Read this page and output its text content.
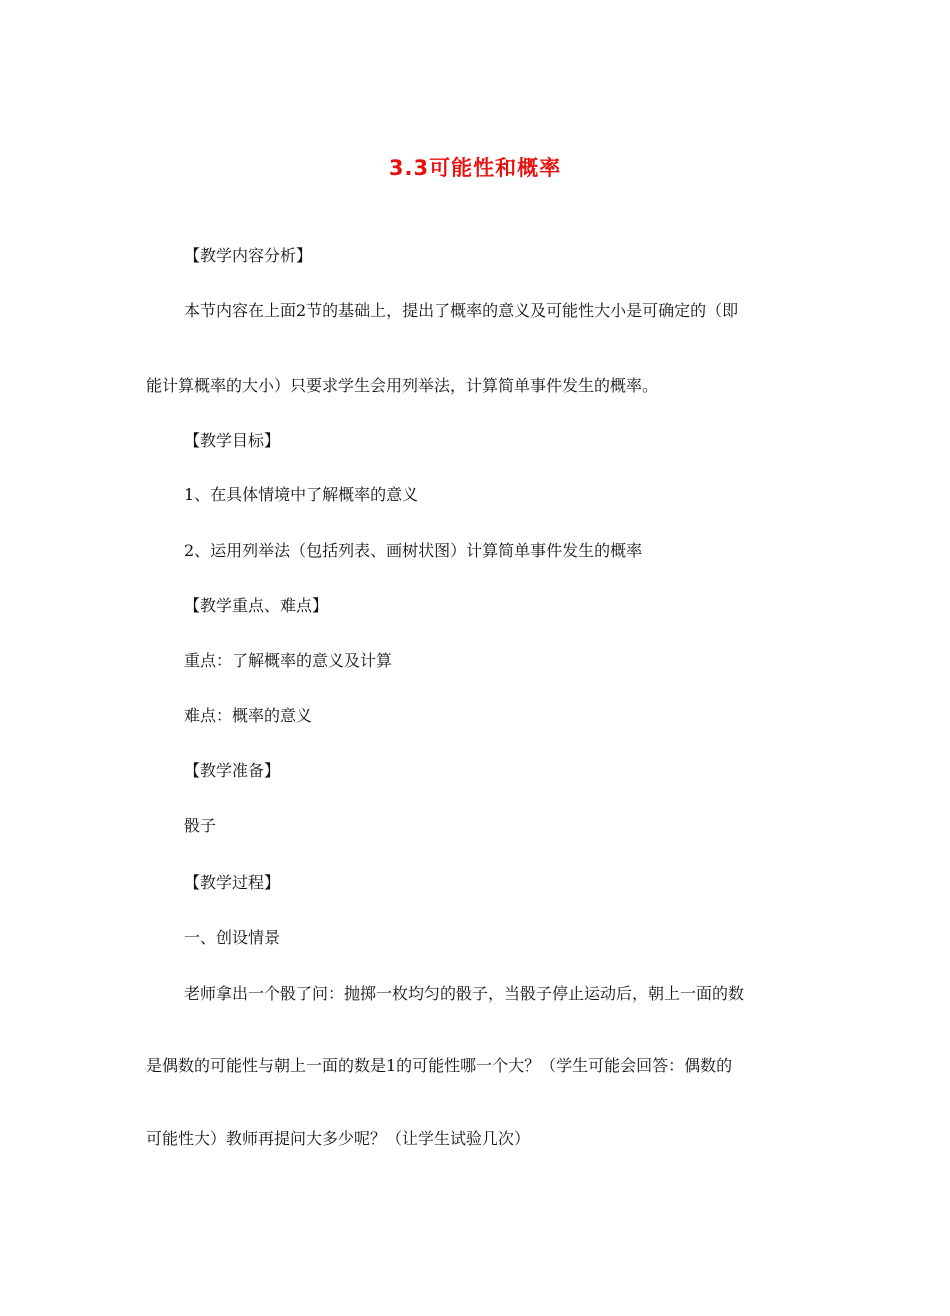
3.3可能性和概率
【教学内容分析】
本节内容在上面2节的基础上，提出了概率的意义及可能性大小是可确定的（即
能计算概率的大小）只要求学生会用列举法，计算简单事件发生的概率。
【教学目标】
1、在具体情境中了解概率的意义
2、运用列举法（包括列表、画树状图）计算简单事件发生的概率
【教学重点、难点】
重点：了解概率的意义及计算
难点：概率的意义
【教学准备】
骰子
【教学过程】
一、创设情景
老师拿出一个骰了问：抛掷一枚均匀的骰子，当骰子停止运动后，朝上一面的数
是偶数的可能性与朝上一面的数是1的可能性哪一个大？（学生可能会回答：偶数的
可能性大）教师再提问大多少呢？（让学生试验几次）
